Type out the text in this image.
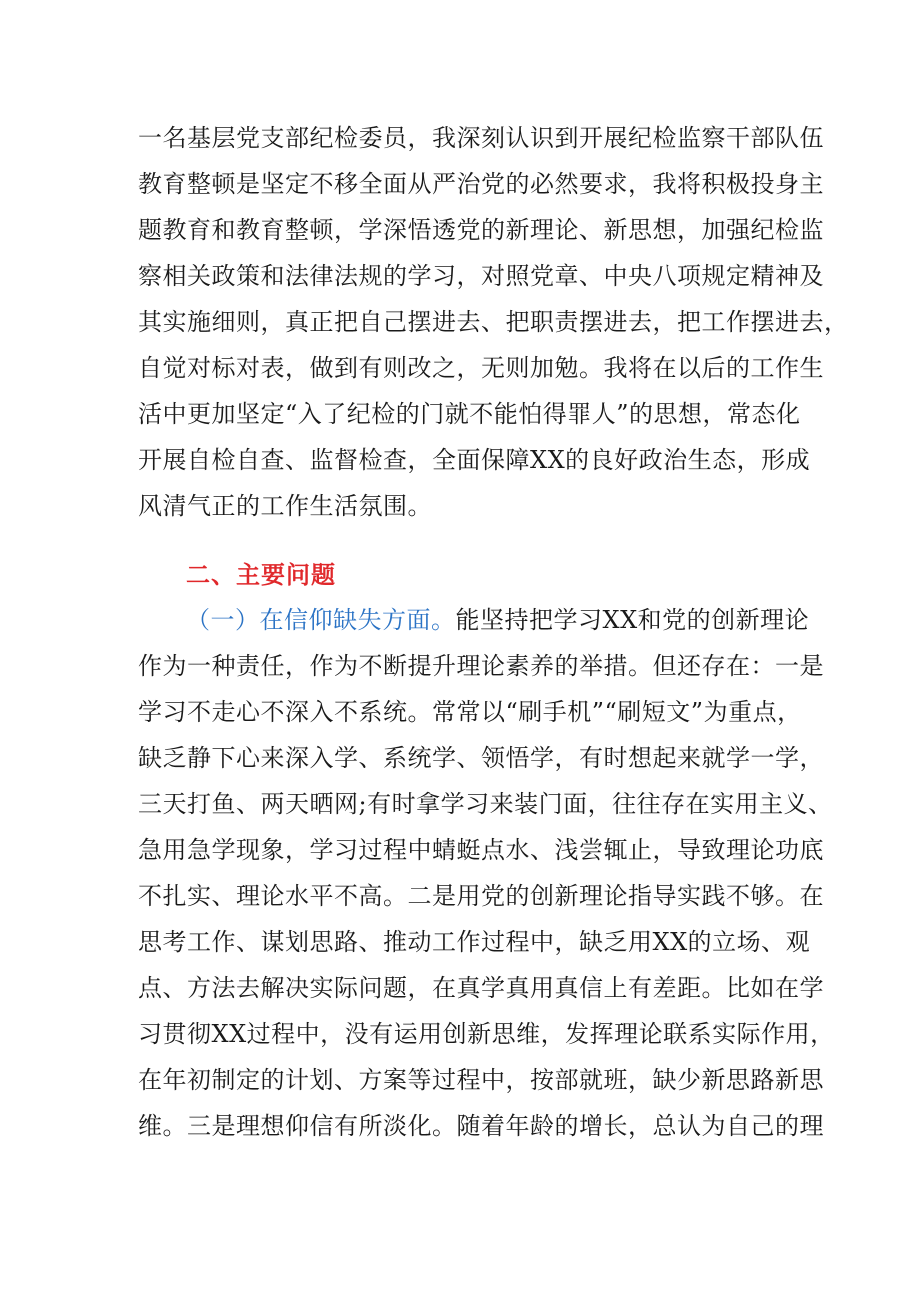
一名基层党支部纪检委员，我深刻认识到开展纪检监察干部队伍
教育整顿是坚定不移全面从严治党的必然要求，我将积极投身主
题教育和教育整顿，学深悟透党的新理论、新思想，加强纪检监
察相关政策和法律法规的学习，对照党章、中央八项规定精神及
其实施细则，真正把自己摆进去、把职责摆进去，把工作摆进去，
自觉对标对表，做到有则改之，无则加勉。我将在以后的工作生
活中更加坚定“入了纪检的门就不能怕得罪人”的思想，常态化
开展自检自查、监督检查，全面保障XX的良好政治生态，形成
风清气正的工作生活氛围。
二、主要问题
（一）在信仰缺失方面。能坚持把学习XX和党的创新理论
作为一种责任，作为不断提升理论素养的举措。但还存在：一是
学习不走心不深入不系统。常常以“刷手机”“刷短文”为重点，
缺乏静下心来深入学、系统学、领悟学，有时想起来就学一学，
三天打鱼、两天晒网;有时拿学习来装门面，往往存在实用主义、
急用急学现象，学习过程中蜻蜓点水、浅尝辄止，导致理论功底
不扎实、理论水平不高。二是用党的创新理论指导实践不够。在
思考工作、谋划思路、推动工作过程中，缺乏用XX的立场、观
点、方法去解决实际问题，在真学真用真信上有差距。比如在学
习贯彻XX过程中，没有运用创新思维，发挥理论联系实际作用，
在年初制定的计划、方案等过程中，按部就班，缺少新思路新思
维。三是理想仰信有所淡化。随着年龄的增长，总认为自己的理
